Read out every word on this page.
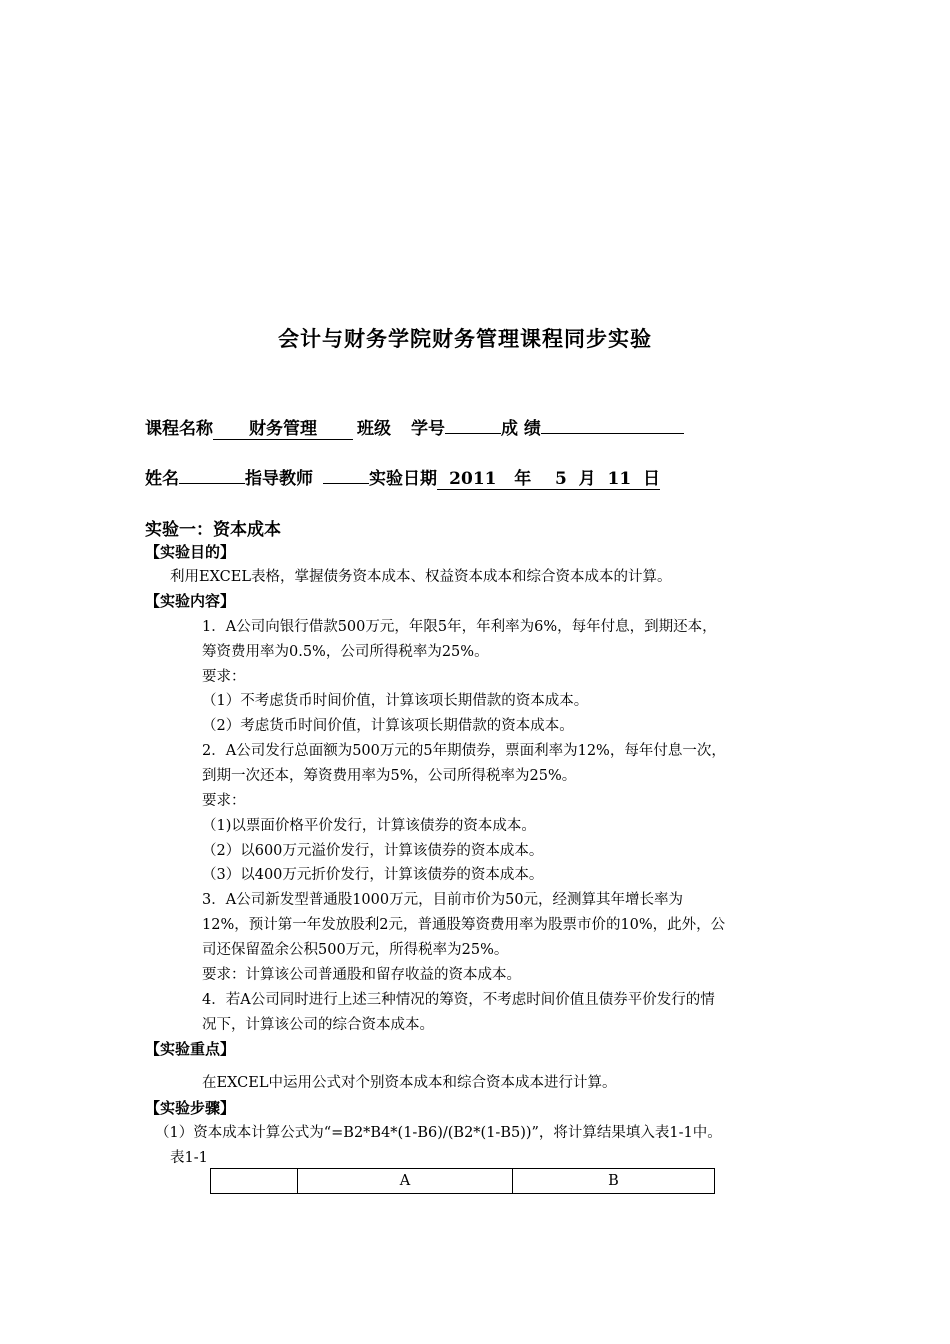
会计与财务学院财务管理课程同步实验
课程名称 财务管理 班级 学号	成 绩
姓名	指导教师	实验日期 2011 年 5 月 11 日
实验一：资本成本
【实验目的】
利用EXCEL表格，掌握债务资本成本、权益资本成本和综合资本成本的计算。
【实验内容】
1．A公司向银行借款500万元，年限5年，年利率为6%，每年付息，到期还本，
筹资费用率为0.5%，公司所得税率为25%。
要求：
（1）不考虑货币时间价值，计算该项长期借款的资本成本。
（2）考虑货币时间价值，计算该项长期借款的资本成本。
2．A公司发行总面额为500万元的5年期债券，票面利率为12%，每年付息一次，
到期一次还本，筹资费用率为5%，公司所得税率为25%。
要求：
（1)以票面价格平价发行，计算该债券的资本成本。
（2）以600万元溢价发行，计算该债券的资本成本。
（3）以400万元折价发行，计算该债券的资本成本。
3．A公司新发型普通股1000万元，目前市价为50元，经测算其年增长率为
12%，预计第一年发放股利2元，普通股筹资费用率为股票市价的10%，此外，公
司还保留盈余公积500万元，所得税率为25%。
要求：计算该公司普通股和留存收益的资本成本。
4．若A公司同时进行上述三种情况的筹资，不考虑时间价值且债券平价发行的情
况下，计算该公司的综合资本成本。
【实验重点】
在EXCEL中运用公式对个别资本成本和综合资本成本进行计算。
【实验步骤】
（1）资本成本计算公式为“=B2*B4*(1-B6)/(B2*(1-B5))”，将计算结果填入表1-1中。
表1-1
	A	B
